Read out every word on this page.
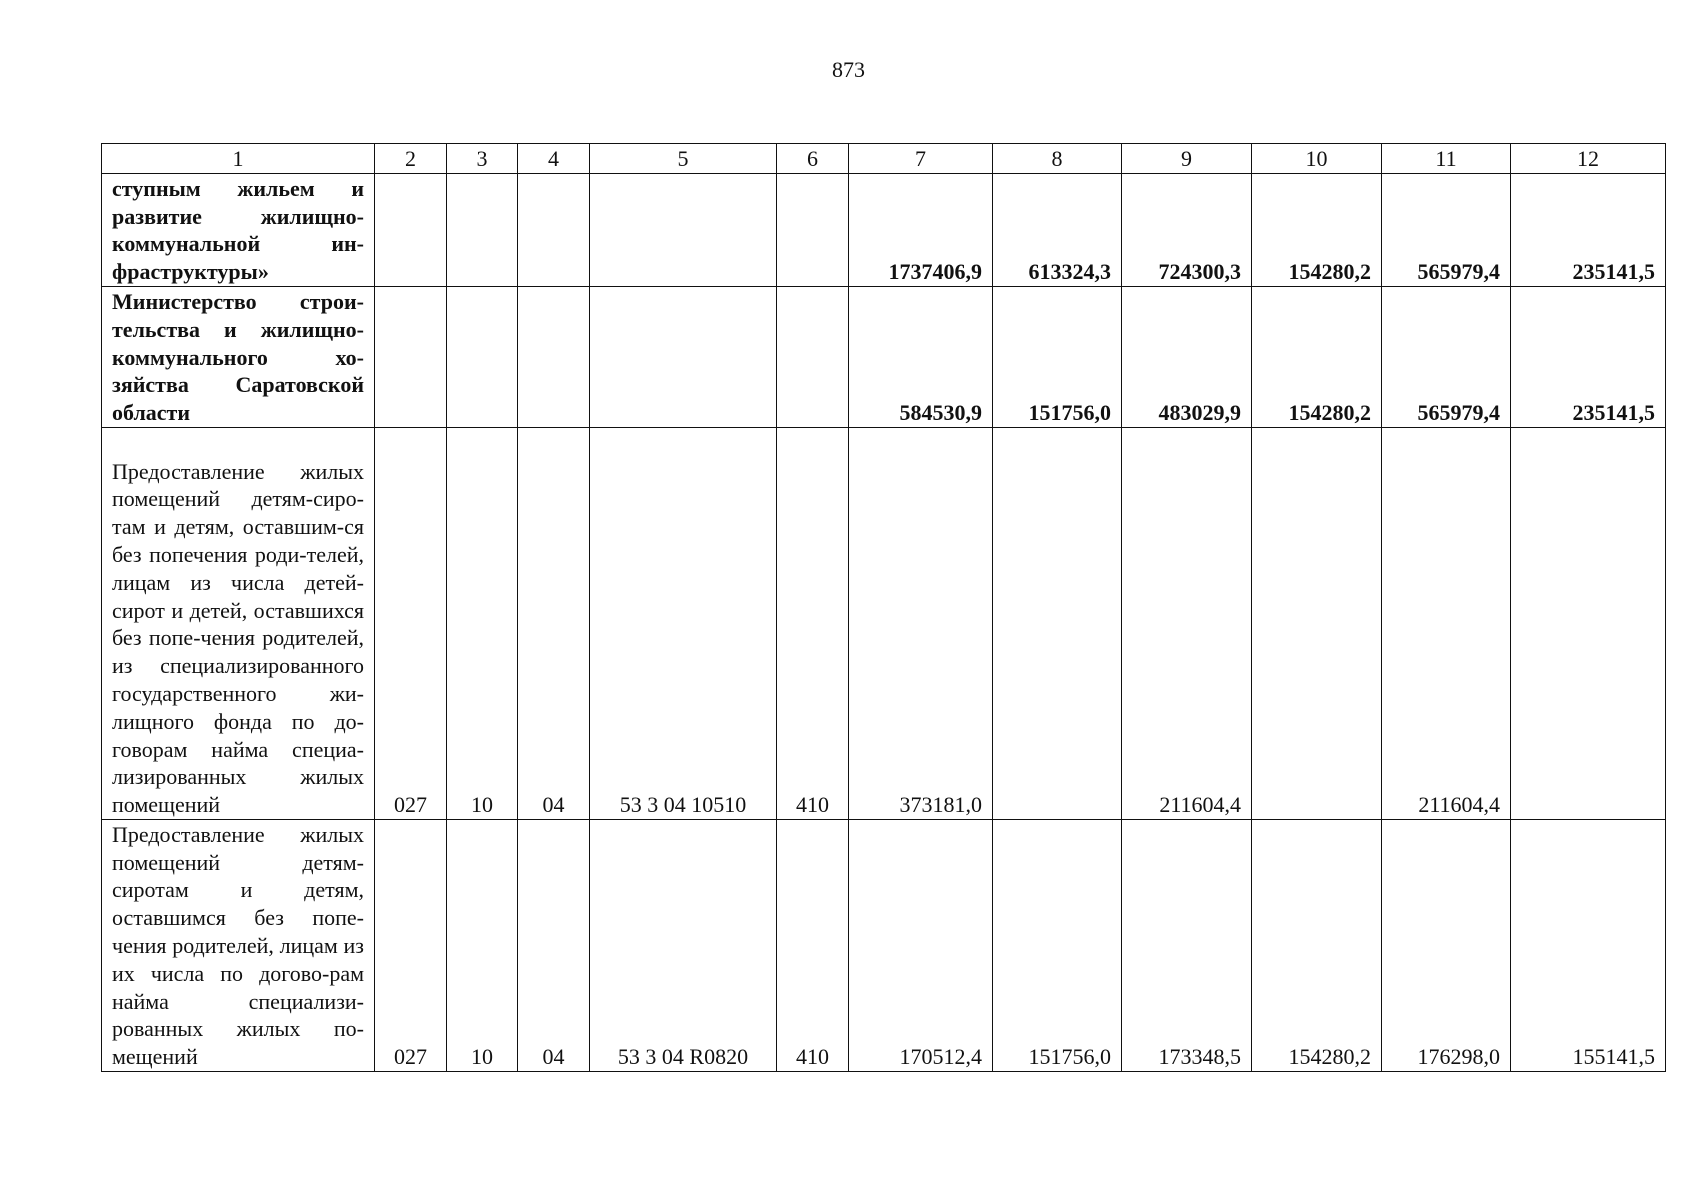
873
1	2	3	4	5	6	7	8	9	10	11	12
ступным жильем и развитие жилищно-коммунальной ин-фраструктуры»						1737406,9	613324,3	724300,3	154280,2	565979,4	235141,5
Министерство строи-тельства и жилищно-коммунального хо-зяйства Саратовской области						584530,9	151756,0	483029,9	154280,2	565979,4	235141,5
Предоставление жилых помещений детям-сиро-там и детям, оставшим-ся без попечения роди-телей, лицам из числа детей-сирот и детей, оставшихся без попе-чения родителей, из специализированного государственного жи-лищного фонда по до-говорам найма специа-лизированных жилых помещений	027	10	04	53 3 04 10510	410	373181,0		211604,4		211604,4	
Предоставление жилых помещений детям-сиротам и детям, оставшимся без попе-чения родителей, лицам из их числа по догово-рам найма специализи-рованных жилых по-мещений	027	10	04	53 3 04 R0820	410	170512,4	151756,0	173348,5	154280,2	176298,0	155141,5
